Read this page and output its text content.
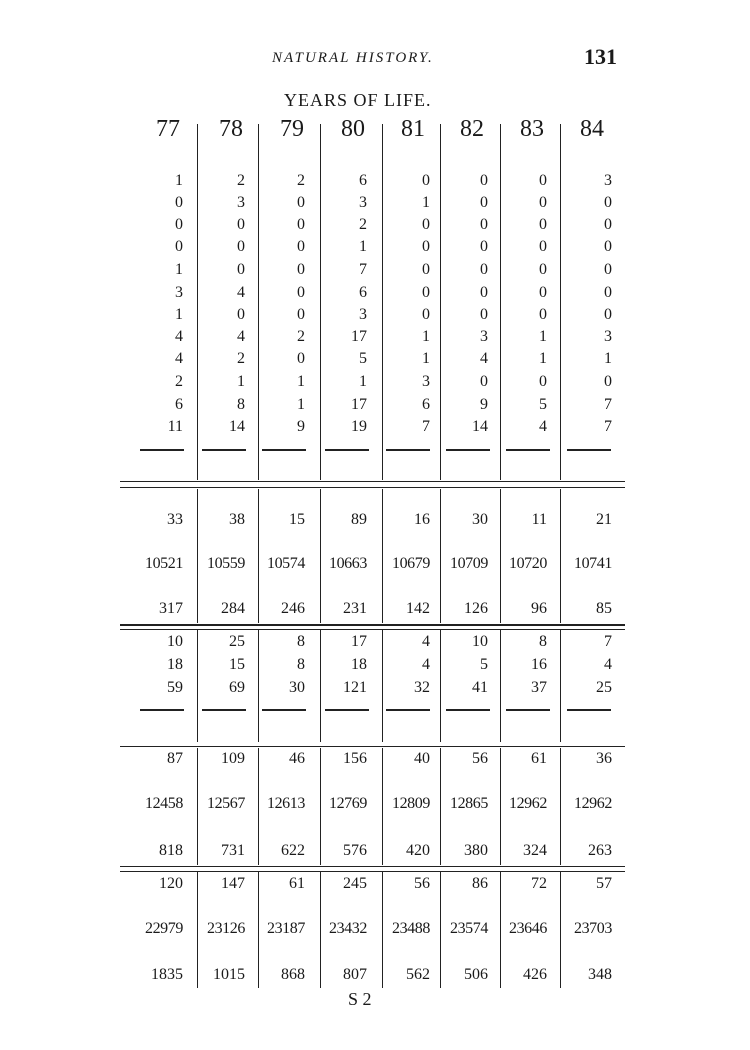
NATURAL HISTORY.	131
YEARS OF LIFE.
77	78	79	80	81	82	83	84
1	2	2	6	0	0	0	3
0	3	0	3	1	0	0	0
0	0	0	2	0	0	0	0
0	0	0	1	0	0	0	0
1	0	0	7	0	0	0	0
3	4	0	6	0	0	0	0
1	0	0	3	0	0	0	0
4	4	2	17	1	3	1	3
4	2	0	5	1	4	1	1
2	1	1	1	3	0	0	0
6	8	1	17	6	9	5	7
11	14	9	19	7	14	4	7
33	38	15	89	16	30	11	21
10521	10559	10574	10663	10679	10709	10720	10741
317	284	246	231	142	126	96	85
10	25	8	17	4	10	8	7
18	15	8	18	4	5	16	4
59	69	30	121	32	41	37	25
87	109	46	156	40	56	61	36
12458	12567	12613	12769	12809	12865	12962	12962
818	731	622	576	420	380	324	263
120	147	61	245	56	86	72	57
22979	23126	23187	23432	23488	23574	23646	23703
1835	1015	868	807	562	506	426	348
S 2
